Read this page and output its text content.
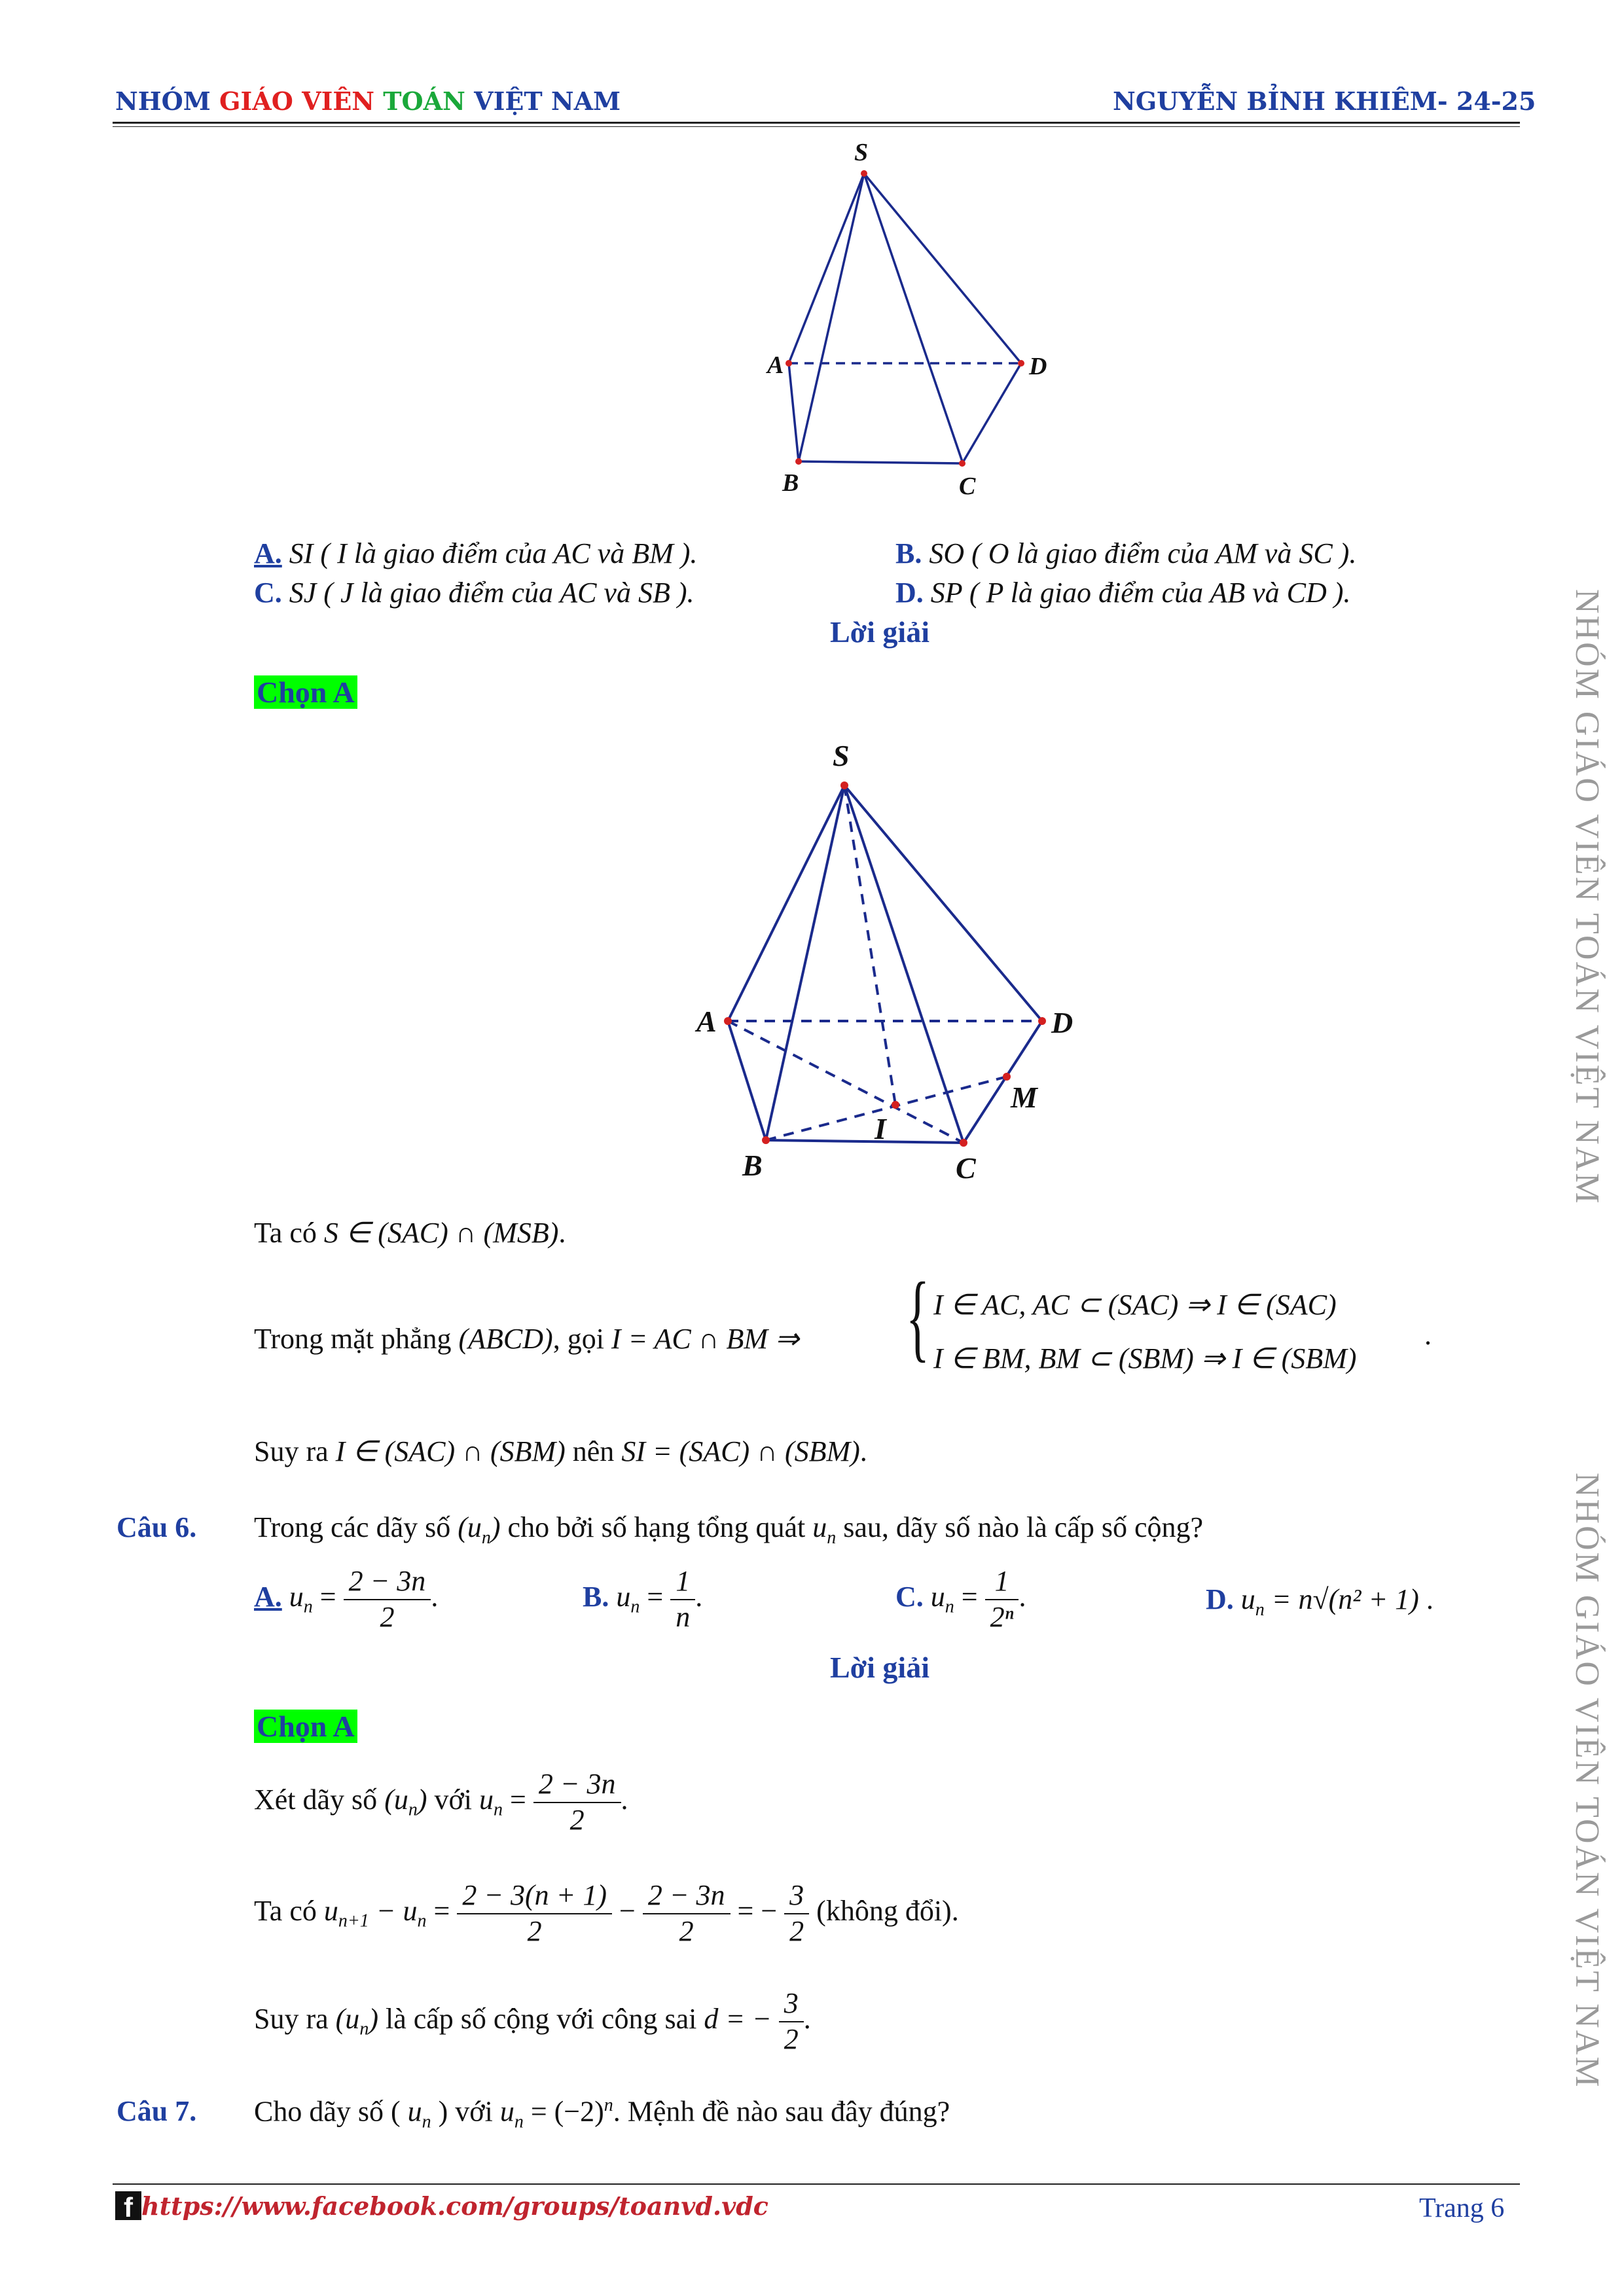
NHÓM GIÁO VIÊN TOÁN VIỆT NAM	NGUYỄN BỈNH KHIÊM- 24-25
S
A	D
B	C
A. SI ( I là giao điểm của AC và BM ).	B. SO ( O là giao điểm của AM và SC ).
C. SJ ( J là giao điểm của AC và SB ).	D. SP ( P là giao điểm của AB và CD ).
Lời giải
Chọn A
S
A	D
M
I
B	C
Ta có S ∈ (SAC) ∩ (MSB).
Trong mặt phẳng (ABCD), gọi I = AC ∩ BM ⇒ { I ∈ AC, AC ⊂ (SAC) ⇒ I ∈ (SAC)
I ∈ BM, BM ⊂ (SBM) ⇒ I ∈ (SBM)
.
Suy ra I ∈ (SAC) ∩ (SBM) nên SI = (SAC) ∩ (SBM).
Câu 6. Trong các dãy số $(u_n)$ cho bởi số hạng tổng quát $u_n$ sau, dãy số nào là cấp số cộng?
A. $u_n = \frac{2 - 3n}{2}$ .	B. $u_n = \frac{1}{n}$ .	C. $u_n = \frac{1}{\text{2ⁿ}}$ .	D. $u_n = n√(n^2 + 1)$ .
Lời giải
Chọn A
Xét dãy số $(u_n)$ với $u_n = \frac{2 - 3n}{2}$ .
Ta có $u_{n+1} - u_n = \frac{2 - 3(n + 1)}{2} - \frac{2 - 3n}{2}$ = − $\frac{3}{2}$ (không đổi).
Suy ra $(u_n)$ là cấp số cộng với công sai d = − $\frac{3}{2}$ .
Câu 7. Cho dãy số ( $u_n$ ) với $u_n = (-2)^n$. Mệnh đề nào sau đây đúng?
NHÓM GIÁO VIÊN TOÁN VIỆT NAM
NHÓM GIÁO VIÊN TOÁN VIỆT NAM
f https://www.facebook.com/groups/toanvd.vdc	Trang 6
